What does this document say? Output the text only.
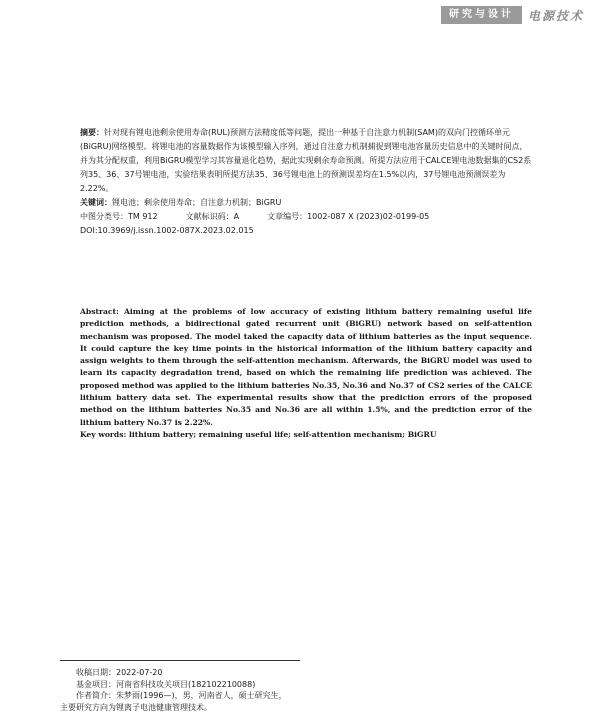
研究与设计	电源技术

摘要：针对现有锂电池剩余使用寿命(RUL)预测方法精度低等问题，提出一种基于自注意力机制(SAM)的双向门控循环单元(BiGRU)网络模型。将锂电池的容量数据作为该模型输入序列，通过自注意力机制捕捉到锂电池容量历史信息中的关键时间点，并为其分配权重，利用BiGRU模型学习其容量退化趋势，据此实现剩余寿命预测。所提方法应用于CALCE锂电池数据集的CS2系列35、36、37号锂电池，实验结果表明所提方法35、36号锂电池上的预测误差均在1.5%以内，37号锂电池预测误差为2.22%。

关键词：锂电池；剩余使用寿命；自注意力机制；BiGRU

中图分类号：TM 912	文献标识码：A	文章编号：1002-087 X (2023)02-0199-05

DOI:10.3969/j.issn.1002-087X.2023.02.015

Abstract: Aiming at the problems of low accuracy of existing lithium battery remaining useful life prediction methods, a bidirectional gated recurrent unit (BiGRU) network based on self-attention mechanism was proposed. The model taked the capacity data of lithium batteries as the input sequence. It could capture the key time points in the historical information of the lithium battery capacity and assign weights to them through the self-attention mechanism. Afterwards, the BiGRU model was used to learn its capacity degradation trend, based on which the remaining life prediction was achieved. The proposed method was applied to the lithium batteries No.35, No.36 and No.37 of CS2 series of the CALCE lithium battery data set. The experimental results show that the prediction errors of the proposed method on the lithium batteries No.35 and No.36 are all within 1.5%, and the prediction error of the lithium battery No.37 is 2.22%.

Key words: lithium battery; remaining useful life; self-attention mechanism; BiGRU

收稿日期：2022-07-20

基金项目：河南省科技攻关项目(182102210088)

作者简介：朱梦雨(1996—)，男，河南省人，硕士研究生，

主要研究方向为锂离子电池健康管理技术。
